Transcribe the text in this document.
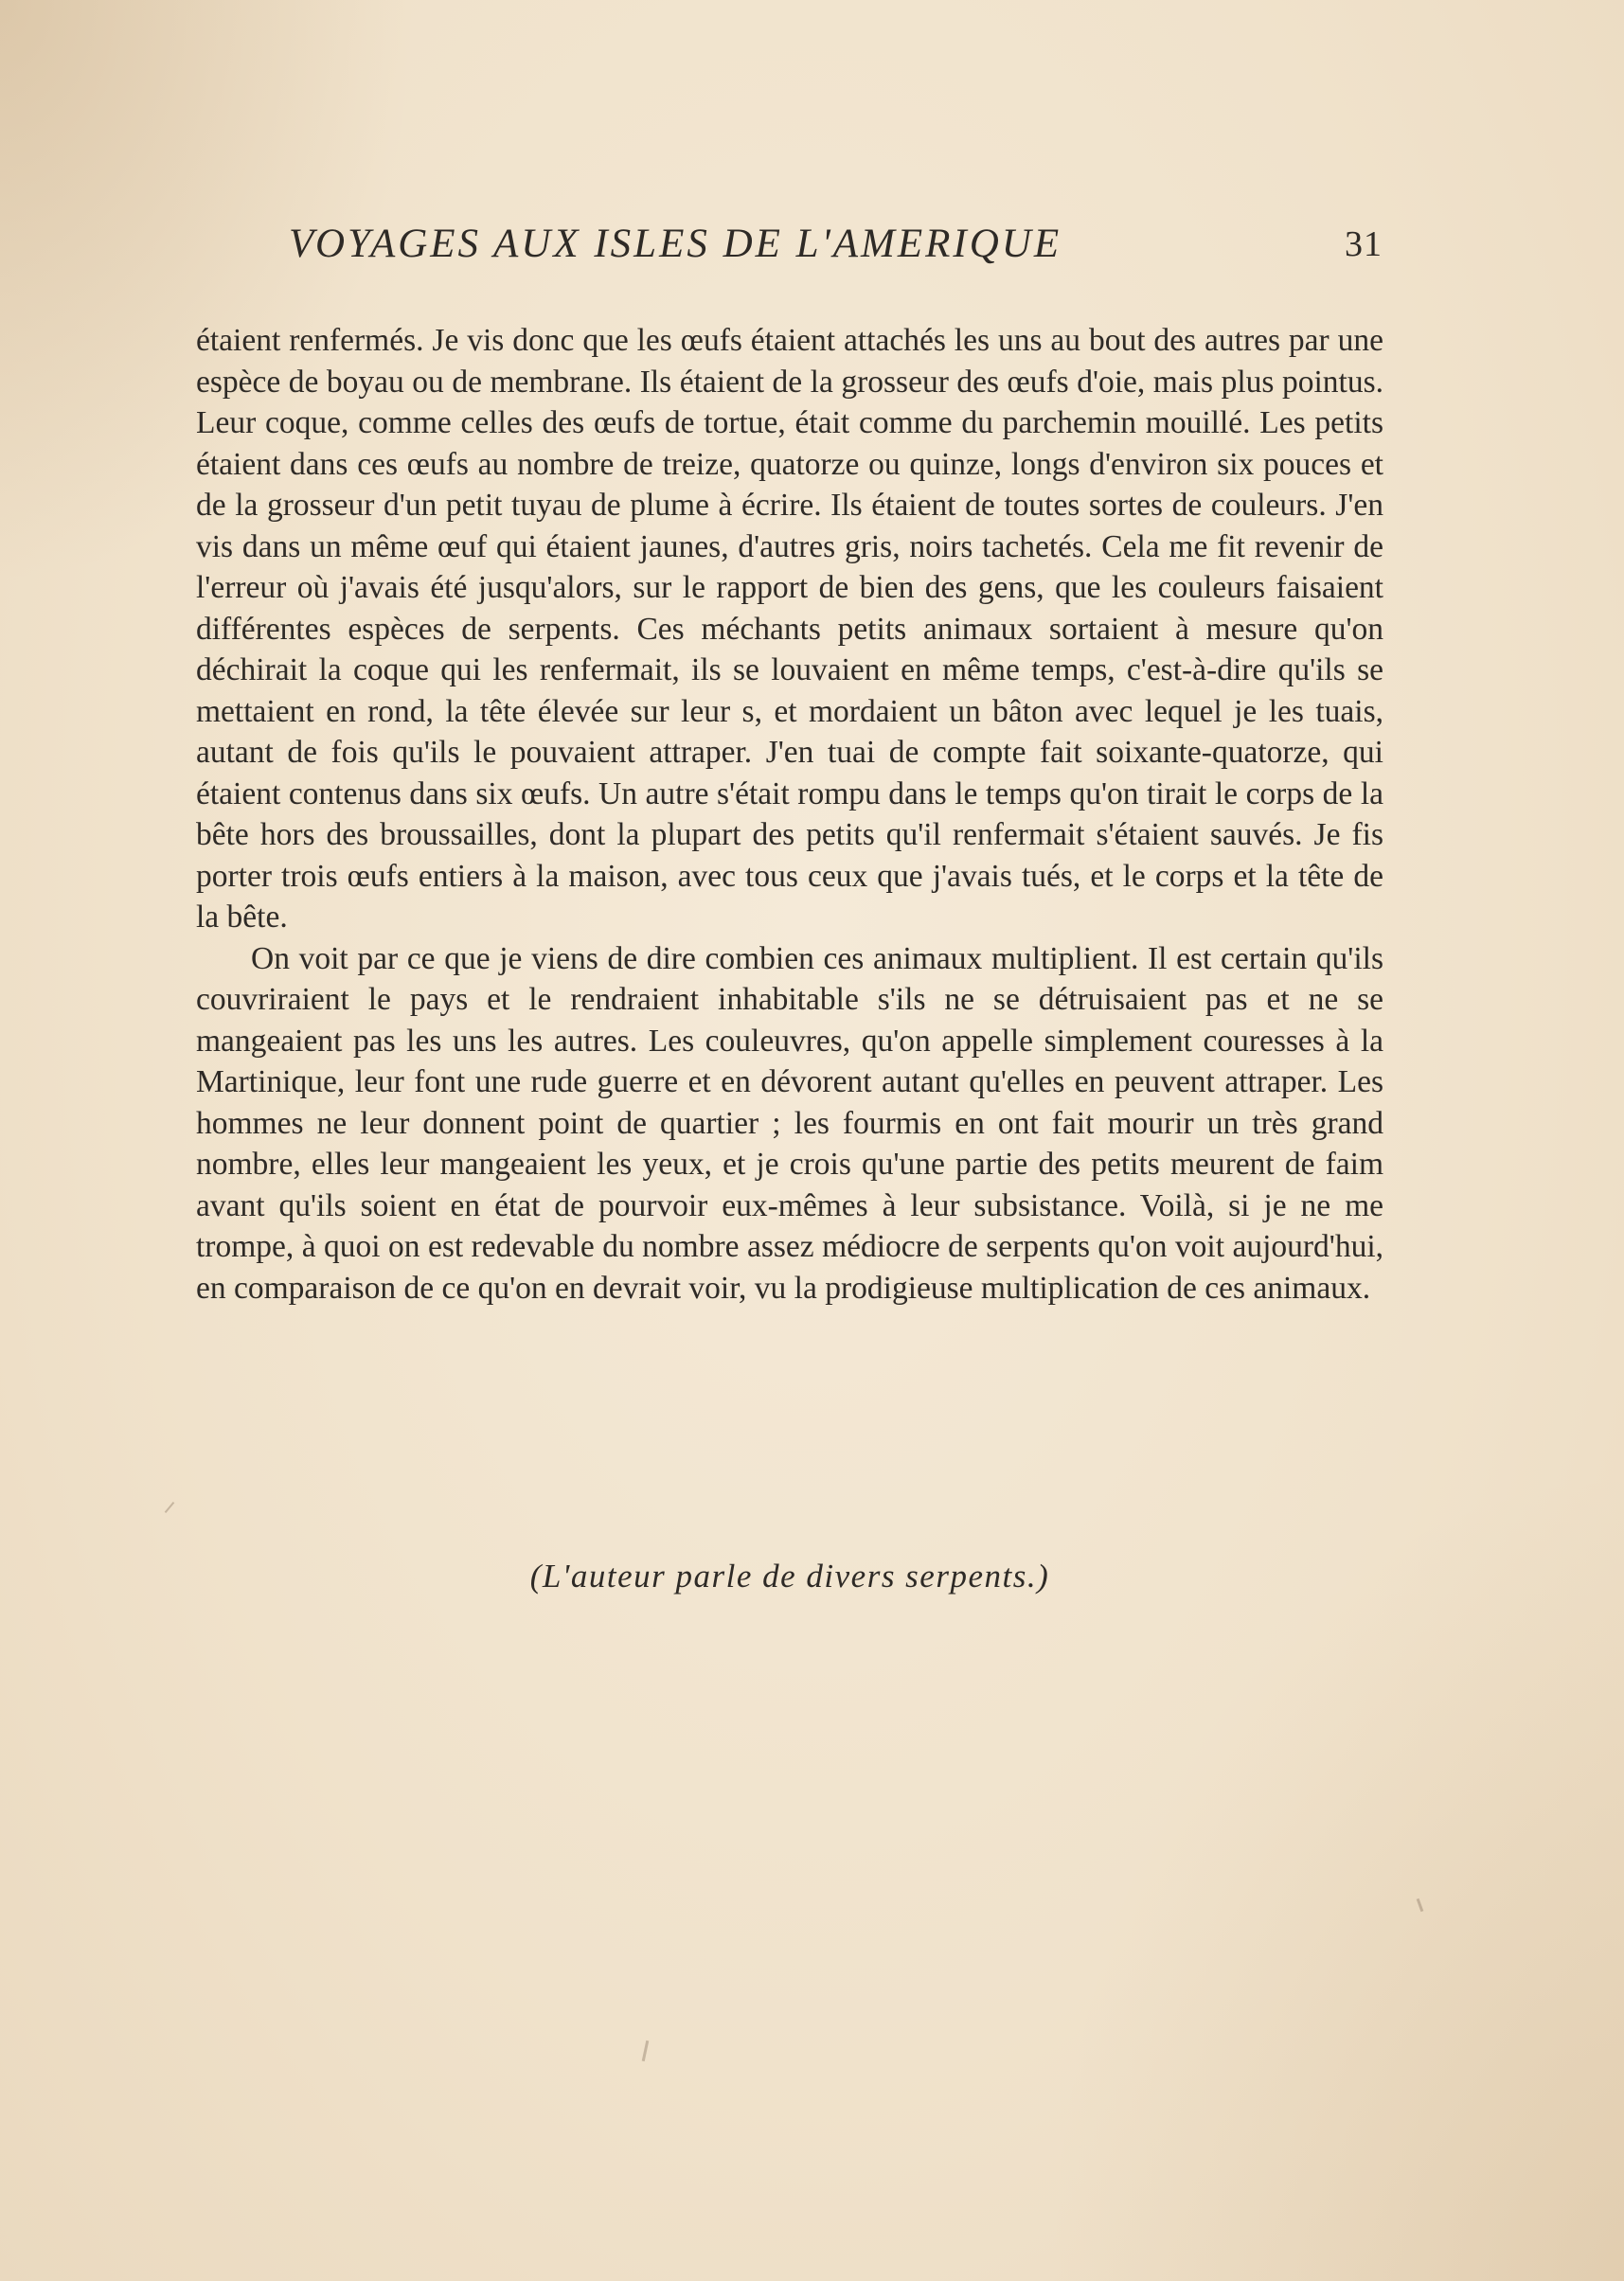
VOYAGES AUX ISLES DE L'AMERIQUE	31

étaient renfermés. Je vis donc que les œufs étaient attachés les uns au bout des autres par une espèce de boyau ou de membrane. Ils étaient de la grosseur des œufs d'oie, mais plus pointus. Leur coque, comme celles des œufs de tortue, était comme du parchemin mouillé. Les petits étaient dans ces œufs au nombre de treize, quatorze ou quinze, longs d'environ six pouces et de la grosseur d'un petit tuyau de plume à écrire. Ils étaient de toutes sortes de couleurs. J'en vis dans un même œuf qui étaient jaunes, d'autres gris, noirs tachetés. Cela me fit revenir de l'erreur où j'avais été jusqu'alors, sur le rapport de bien des gens, que les couleurs faisaient différentes espèces de serpents. Ces méchants petits animaux sortaient à mesure qu'on déchirait la coque qui les renfermait, ils se louvaient en même temps, c'est-à-dire qu'ils se mettaient en rond, la tête élevée sur leur s, et mordaient un bâton avec lequel je les tuais, autant de fois qu'ils le pouvaient attraper. J'en tuai de compte fait soixante-quatorze, qui étaient contenus dans six œufs. Un autre s'était rompu dans le temps qu'on tirait le corps de la bête hors des broussailles, dont la plupart des petits qu'il renfermait s'étaient sauvés. Je fis porter trois œufs entiers à la maison, avec tous ceux que j'avais tués, et le corps et la tête de la bête.

On voit par ce que je viens de dire combien ces animaux multiplient. Il est certain qu'ils couvriraient le pays et le rendraient inhabitable s'ils ne se détruisaient pas et ne se mangeaient pas les uns les autres. Les couleuvres, qu'on appelle simplement couresses à la Martinique, leur font une rude guerre et en dévorent autant qu'elles en peuvent attraper. Les hommes ne leur donnent point de quartier ; les fourmis en ont fait mourir un très grand nombre, elles leur mangeaient les yeux, et je crois qu'une partie des petits meurent de faim avant qu'ils soient en état de pourvoir eux-mêmes à leur subsistance. Voilà, si je ne me trompe, à quoi on est redevable du nombre assez médiocre de serpents qu'on voit aujourd'hui, en comparaison de ce qu'on en devrait voir, vu la prodigieuse multiplication de ces animaux.

(L'auteur parle de divers serpents.)
